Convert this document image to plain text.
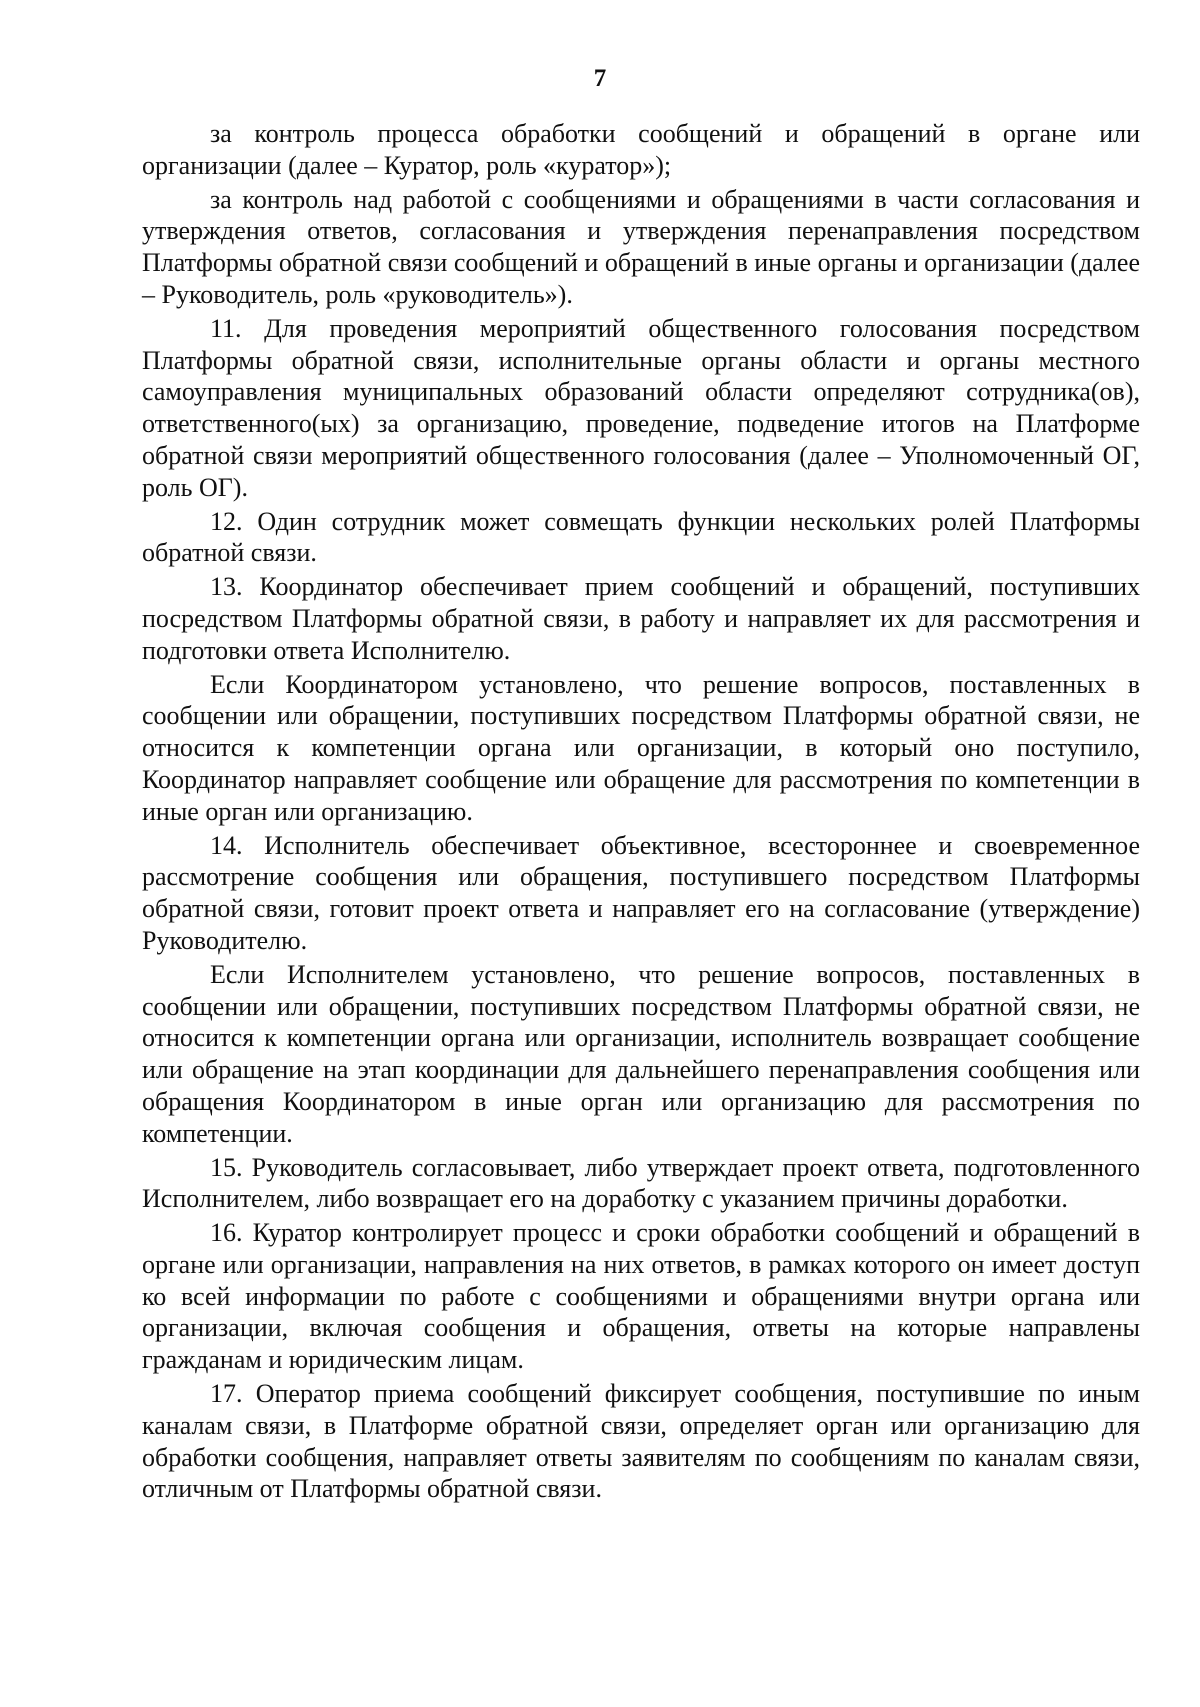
7

за контроль процесса обработки сообщений и обращений в органе или организации (далее – Куратор, роль «куратор»);

за контроль над работой с сообщениями и обращениями в части согласования и утверждения ответов, согласования и утверждения перенаправления посредством Платформы обратной связи сообщений и обращений в иные органы и организации (далее – Руководитель, роль «руководитель»).

11. Для проведения мероприятий общественного голосования посредством Платформы обратной связи, исполнительные органы области и органы местного самоуправления муниципальных образований области определяют сотрудника(ов), ответственного(ых) за организацию, проведение, подведение итогов на Платформе обратной связи мероприятий общественного голосования (далее – Уполномоченный ОГ, роль ОГ).

12. Один сотрудник может совмещать функции нескольких ролей Платформы обратной связи.

13. Координатор обеспечивает прием сообщений и обращений, поступивших посредством Платформы обратной связи, в работу и направляет их для рассмотрения и подготовки ответа Исполнителю.

Если Координатором установлено, что решение вопросов, поставленных в сообщении или обращении, поступивших посредством Платформы обратной связи, не относится к компетенции органа или организации, в который оно поступило, Координатор направляет сообщение или обращение для рассмотрения по компетенции в иные орган или организацию.

14. Исполнитель обеспечивает объективное, всестороннее и своевременное рассмотрение сообщения или обращения, поступившего посредством Платформы обратной связи, готовит проект ответа и направляет его на согласование (утверждение) Руководителю.

Если Исполнителем установлено, что решение вопросов, поставленных в сообщении или обращении, поступивших посредством Платформы обратной связи, не относится к компетенции органа или организации, исполнитель возвращает сообщение или обращение на этап координации для дальнейшего перенаправления сообщения или обращения Координатором в иные орган или организацию для рассмотрения по компетенции.

15. Руководитель согласовывает, либо утверждает проект ответа, подготовленного Исполнителем, либо возвращает его на доработку с указанием причины доработки.

16. Куратор контролирует процесс и сроки обработки сообщений и обращений в органе или организации, направления на них ответов, в рамках которого он имеет доступ ко всей информации по работе с сообщениями и обращениями внутри органа или организации, включая сообщения и обращения, ответы на которые направлены гражданам и юридическим лицам.

17. Оператор приема сообщений фиксирует сообщения, поступившие по иным каналам связи, в Платформе обратной связи, определяет орган или организацию для обработки сообщения, направляет ответы заявителям по сообщениям по каналам связи, отличным от Платформы обратной связи.
